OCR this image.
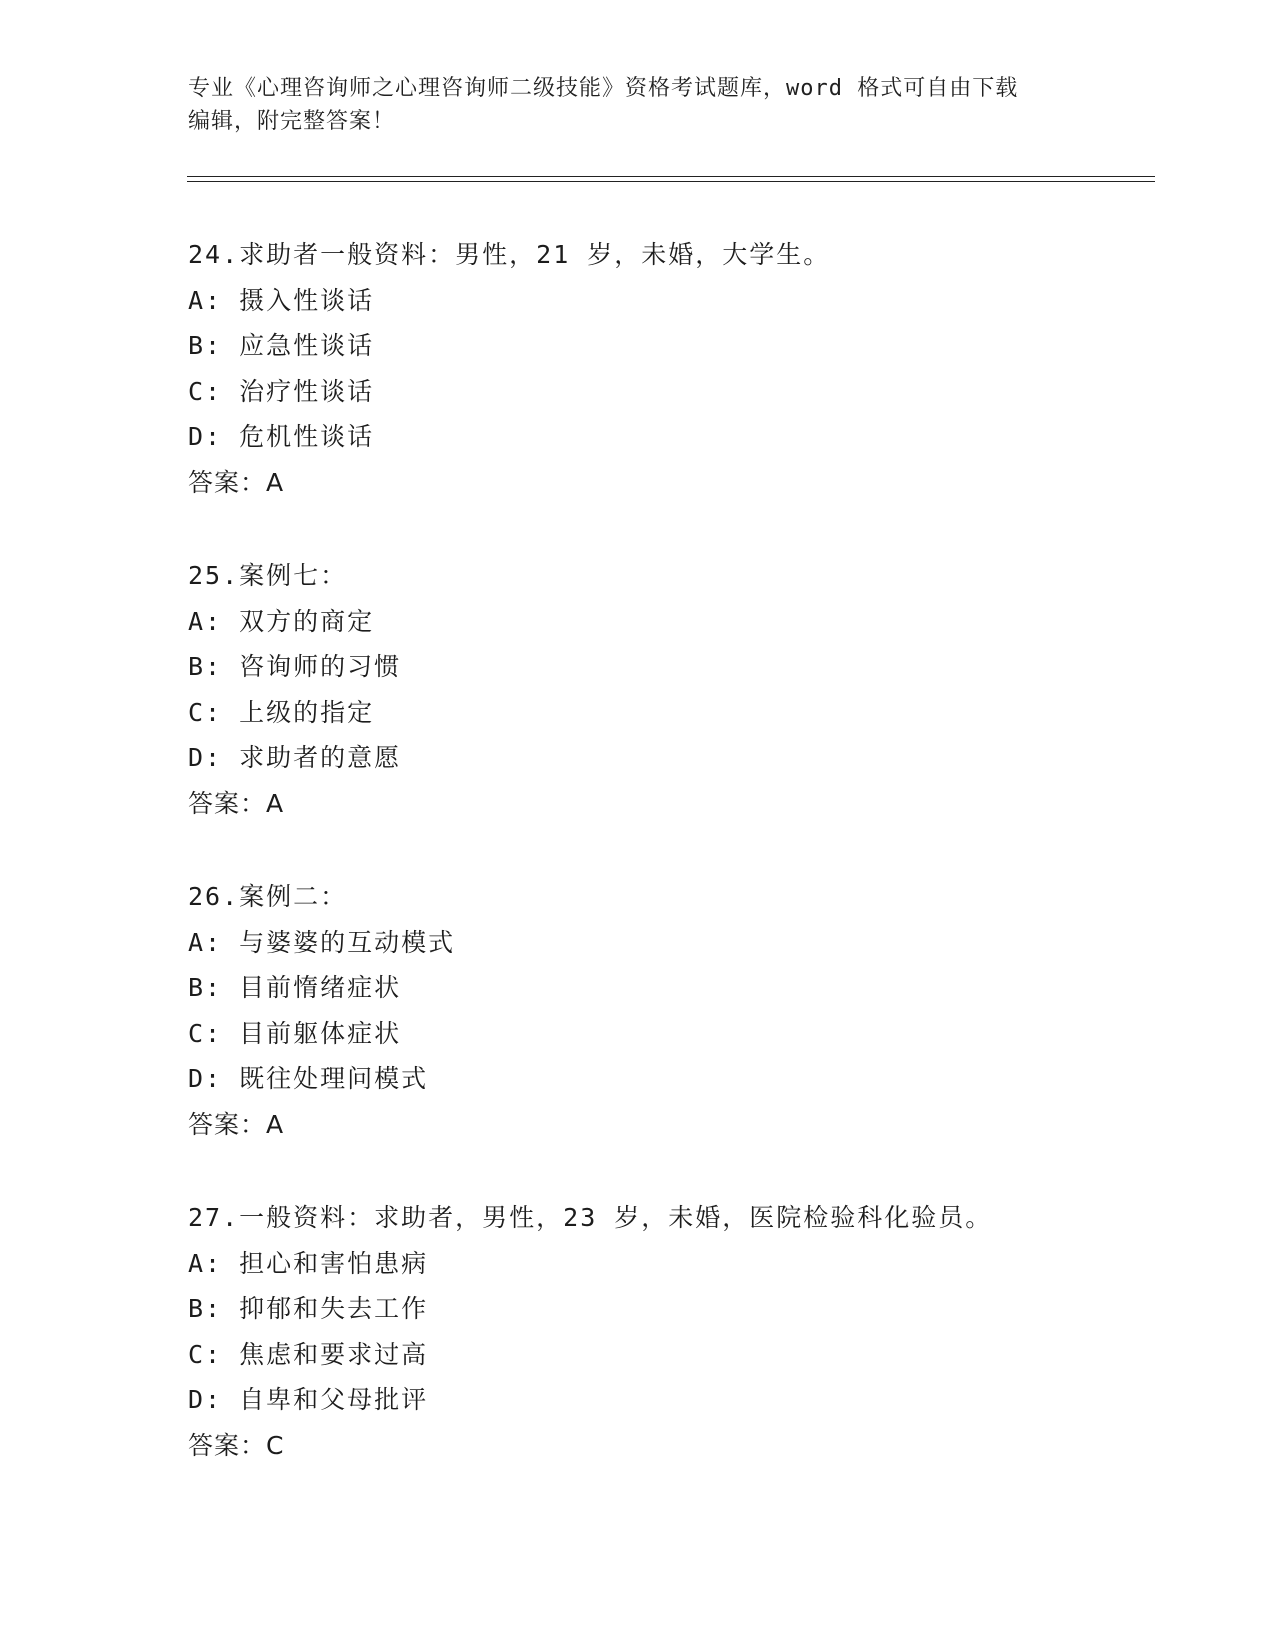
专业《心理咨询师之心理咨询师二级技能》资格考试题库，word 格式可自由下载
编辑，附完整答案！

24.求助者一般资料：男性，21 岁，未婚，大学生。
A: 摄入性谈话
B: 应急性谈话
C: 治疗性谈话
D: 危机性谈话
答案：A
25.案例七：
A: 双方的商定
B: 咨询师的习惯
C: 上级的指定
D: 求助者的意愿
答案：A
26.案例二：
A: 与婆婆的互动模式
B: 目前惰绪症状
C: 目前躯体症状
D: 既往处理问模式
答案：A
27.一般资料：求助者，男性，23 岁，未婚，医院检验科化验员。
A: 担心和害怕患病
B: 抑郁和失去工作
C: 焦虑和要求过高
D: 自卑和父母批评
答案：C
